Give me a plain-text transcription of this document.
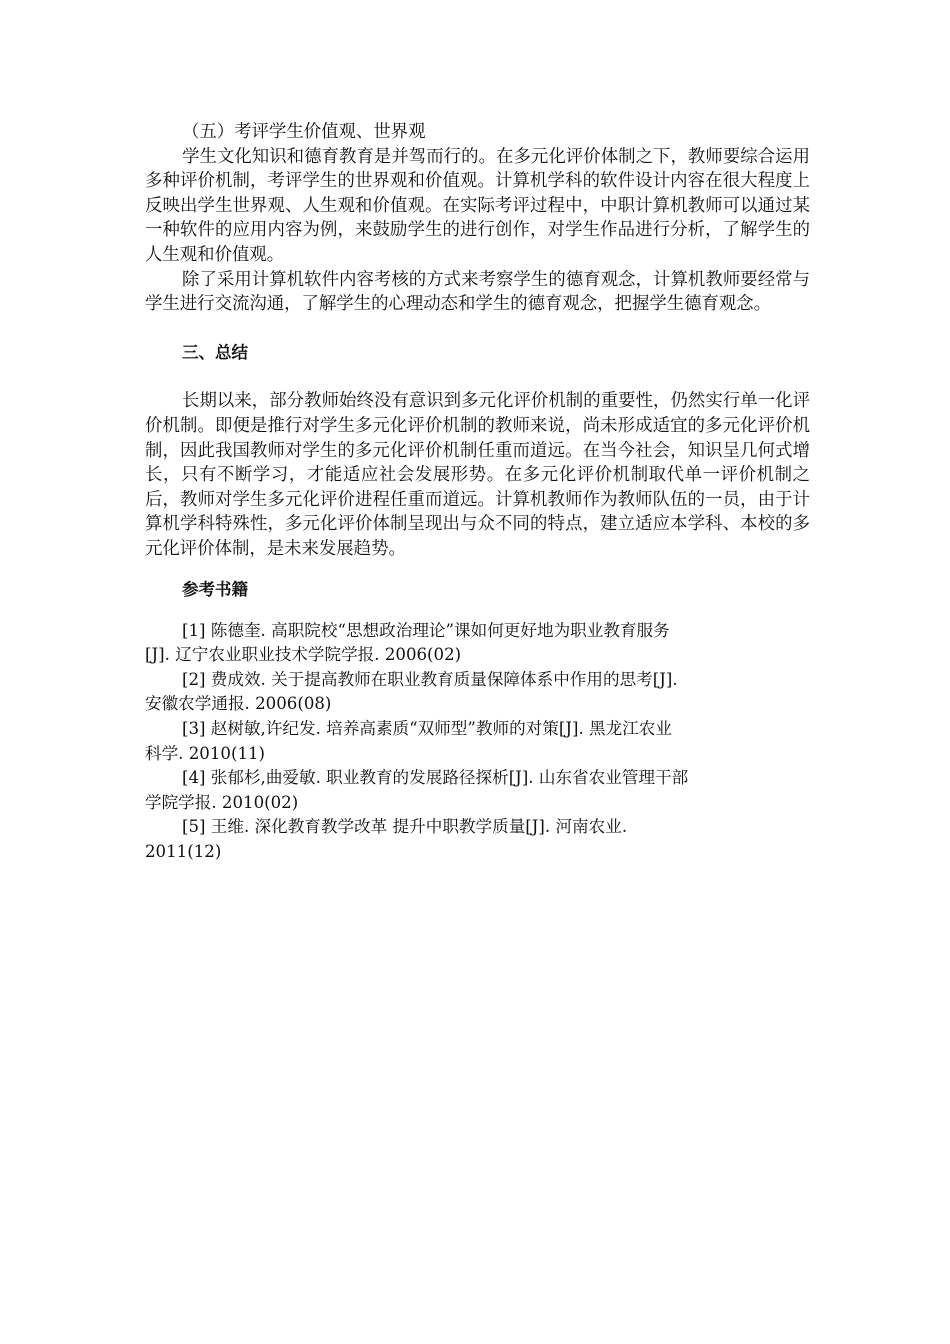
（五）考评学生价值观、世界观

学生文化知识和德育教育是并驾而行的。在多元化评价体制之下，教师要综合运用多种评价机制，考评学生的世界观和价值观。计算机学科的软件设计内容在很大程度上反映出学生世界观、人生观和价值观。在实际考评过程中，中职计算机教师可以通过某一种软件的应用内容为例，来鼓励学生的进行创作，对学生作品进行分析，了解学生的人生观和价值观。

除了采用计算机软件内容考核的方式来考察学生的德育观念，计算机教师要经常与学生进行交流沟通，了解学生的心理动态和学生的德育观念，把握学生德育观念。

三、总结

长期以来，部分教师始终没有意识到多元化评价机制的重要性，仍然实行单一化评价机制。即便是推行对学生多元化评价机制的教师来说，尚未形成适宜的多元化评价机制，因此我国教师对学生的多元化评价机制任重而道远。在当今社会，知识呈几何式增长，只有不断学习，才能适应社会发展形势。在多元化评价机制取代单一评价机制之后，教师对学生多元化评价进程任重而道远。计算机教师作为教师队伍的一员，由于计算机学科特殊性，多元化评价体制呈现出与众不同的特点，建立适应本学科、本校的多元化评价体制，是未来发展趋势。

参考书籍

[1] 陈德奎. 高职院校“思想政治理论”课如何更好地为职业教育服务
[J]. 辽宁农业职业技术学院学报. 2006(02)

[2] 费成效. 关于提高教师在职业教育质量保障体系中作用的思考[J].
安徽农学通报. 2006(08)

[3] 赵树敏,许纪发. 培养高素质“双师型”教师的对策[J]. 黑龙江农业
科学. 2010(11)

[4] 张郁杉,曲爱敏. 职业教育的发展路径探析[J]. 山东省农业管理干部
学院学报. 2010(02)

[5] 王维. 深化教育教学改革 提升中职教学质量[J]. 河南农业.
2011(12)
